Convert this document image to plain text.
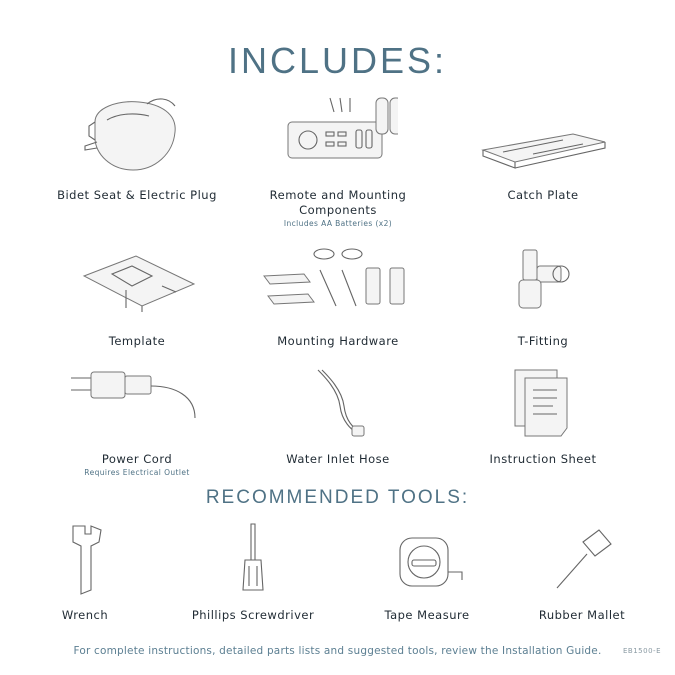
INCLUDES:
Bidet Seat & Electric Plug	Remote and Mounting Components
Includes AA Batteries (x2)
Catch Plate
Template	Mounting Hardware	T-Fitting
Power Cord
Requires Electrical Outlet
Water Inlet Hose	Instruction Sheet
RECOMMENDED TOOLS:
Wrench	Phillips Screwdriver	Tape Measure	Rubber Mallet
For complete instructions, detailed parts lists and suggested tools, review the Installation Guide.	EB1500-E
